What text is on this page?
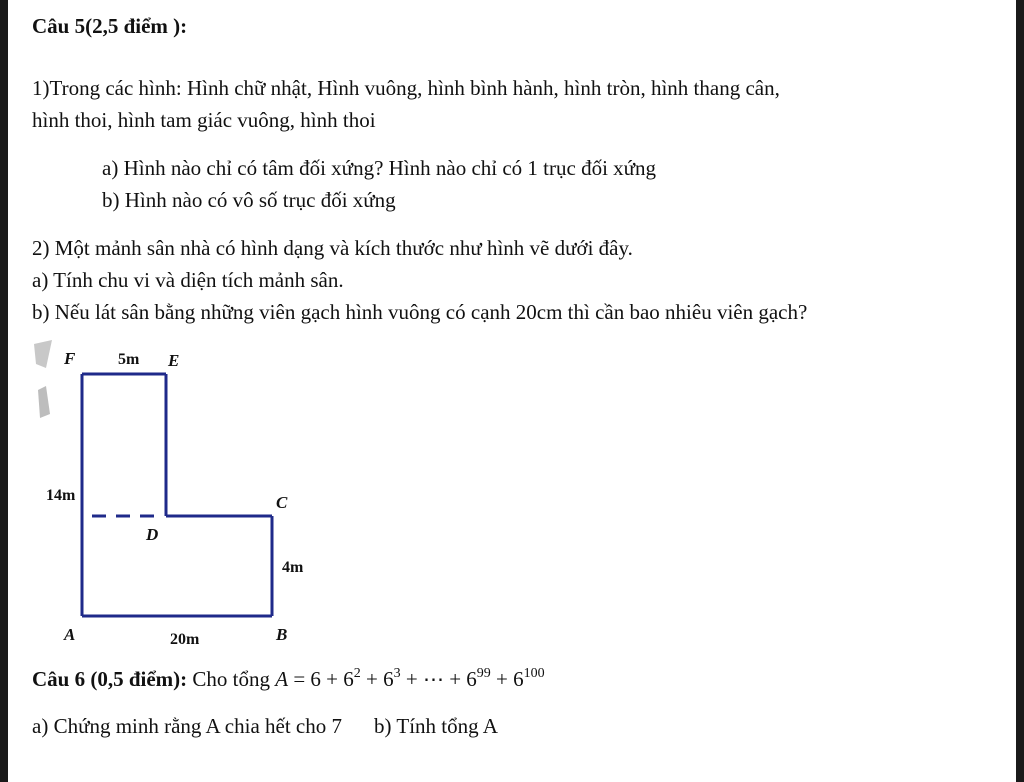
Câu 5(2,5 điểm ):
1)Trong các hình: Hình chữ nhật, Hình vuông, hình bình hành, hình tròn, hình thang cân,
hình thoi, hình tam giác vuông, hình thoi
a) Hình nào chỉ có tâm đối xứng? Hình nào chỉ có 1 trục đối xứng
b) Hình nào có vô số trục đối xứng
2) Một mảnh sân nhà có hình dạng và kích thước như hình vẽ dưới đây.
a) Tính chu vi và diện tích mảnh sân.
b) Nếu lát sân bằng những viên gạch hình vuông có cạnh 20cm thì cần bao nhiêu viên gạch?
F	5m E
14m	C
D
4m
A	20m	B
Câu 6 (0,5 điểm): Cho tổng $A = 6 + 6^2 + 6^3$ + ⋯ + $6^{99} + 6^{100}$
a) Chứng minh rằng A chia hết cho 7 b) Tính tổng A
